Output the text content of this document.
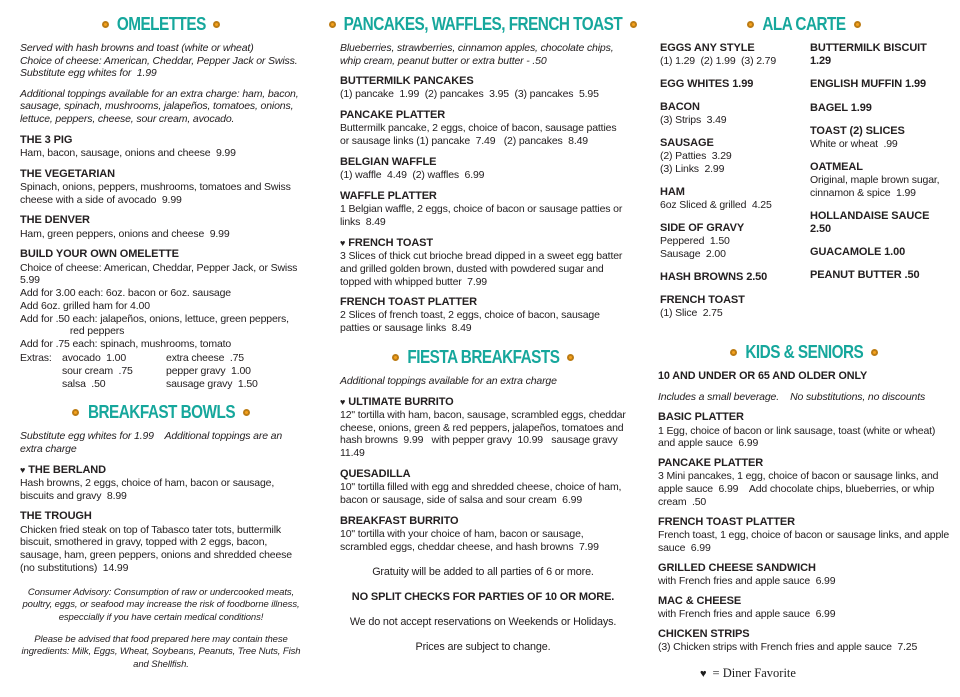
OMELETTES
Served with hash browns and toast (white or wheat)
Choice of cheese: American, Cheddar, Pepper Jack or Swiss.
Substitute egg whites for  1.99
Additional toppings available for an extra charge: ham, bacon, sausage, spinach, mushrooms, jalapeños, tomatoes, onions, lettuce, peppers, cheese, sour cream, avocado.
THE 3 PIG
Ham, bacon, sausage, onions and cheese  9.99
THE VEGETARIAN
Spinach, onions, peppers, mushrooms, tomatoes and Swiss cheese with a side of avocado  9.99
THE DENVER
Ham, green peppers, onions and cheese  9.99
BUILD YOUR OWN OMELETTE
Choice of cheese: American, Cheddar, Pepper Jack, or Swiss  5.99
Add for 3.00 each: 6oz. bacon or 6oz. sausage
Add 6oz. grilled ham for 4.00
Add for .50 each: jalapeños, onions, lettuce, green peppers,
red peppers
Add for .75 each: spinach, mushrooms, tomato
Extras: avocado  1.00
sour cream  .75
salsa  .50
extra cheese  .75
pepper gravy  1.00
sausage gravy  1.50
BREAKFAST BOWLS
Substitute egg whites for 1.99    Additional toppings are an extra charge
♥ THE BERLAND
Hash browns, 2 eggs, choice of ham, bacon or sausage, biscuits and gravy  8.99
THE TROUGH
Chicken fried steak on top of Tabasco tater tots, buttermilk biscuit, smothered in gravy, topped with 2 eggs, bacon, sausage, ham, green peppers, onions and shredded cheese (no substitutions)  14.99

Consumer Advisory: Consumption of raw or undercooked meats, poultry, eggs, or seafood may increase the risk of foodborne illness, especcially if you have certain medical conditions!

Please be advised that food prepared here may contain these ingredients: Milk, Eggs, Wheat, Soybeans, Peanuts, Tree Nuts, Fish and Shellfish.

PANCAKES, WAFFLES, FRENCH TOAST
Blueberries, strawberries, cinnamon apples, chocolate chips,
whip cream, peanut butter or extra butter - .50
BUTTERMILK PANCAKES
(1) pancake  1.99  (2) pancakes  3.95  (3) pancakes  5.95
PANCAKE PLATTER
Buttermilk pancake, 2 eggs, choice of bacon, sausage patties or sausage links (1) pancake  7.49   (2) pancakes  8.49
BELGIAN WAFFLE
(1) waffle  4.49  (2) waffles  6.99
WAFFLE PLATTER
1 Belgian waffle, 2 eggs, choice of bacon or sausage patties or links  8.49
♥ FRENCH TOAST
3 Slices of thick cut brioche bread dipped in a sweet egg batter and grilled golden brown, dusted with powdered sugar and topped with whipped butter  7.99
FRENCH TOAST PLATTER
2 Slices of french toast, 2 eggs, choice of bacon, sausage patties or sausage links  8.49
FIESTA BREAKFASTS
Additional toppings available for an extra charge
♥ ULTIMATE BURRITO
12" tortilla with ham, bacon, sausage, scrambled eggs, cheddar cheese, onions, green & red peppers, jalapeños, tomatoes and hash browns  9.99   with pepper gravy  10.99   sausage gravy 11.49
QUESADILLA
10" tortilla filled with egg and shredded cheese, choice of ham, bacon or sausage, side of salsa and sour cream  6.99
BREAKFAST BURRITO
10" tortilla with your choice of ham, bacon or sausage, scrambled eggs, cheddar cheese, and hash browns  7.99

Gratuity will be added to all parties of 6 or more.

NO SPLIT CHECKS FOR PARTIES OF 10 OR MORE.

We do not accept reservations on Weekends or Holidays.

Prices are subject to change.

ALA CARTE
EGGS ANY STYLE
(1) 1.29  (2) 1.99  (3) 2.79
EGG WHITES 1.99
BACON
(3) Strips  3.49
SAUSAGE
(2) Patties  3.29
(3) Links  2.99
HAM
6oz Sliced & grilled  4.25
SIDE OF GRAVY
Peppered  1.50
Sausage  2.00
HASH BROWNS 2.50
FRENCH TOAST
(1) Slice  2.75
BUTTERMILK BISCUIT 1.29
ENGLISH MUFFIN 1.99
BAGEL 1.99
TOAST (2) SLICES
White or wheat  .99
OATMEAL
Original, maple brown sugar,
cinnamon & spice  1.99
HOLLANDAISE SAUCE 2.50
GUACAMOLE 1.00
PEANUT BUTTER .50
KIDS & SENIORS
10 AND UNDER OR 65 AND OLDER ONLY
Includes a small beverage.    No substitutions, no discounts
BASIC PLATTER
1 Egg, choice of bacon or link sausage, toast (white or wheat) and apple sauce  6.99
PANCAKE PLATTER
3 Mini pancakes, 1 egg, choice of bacon or sausage links, and apple sauce  6.99    Add chocolate chips, blueberries, or whip cream  .50
FRENCH TOAST PLATTER
French toast, 1 egg, choice of bacon or sausage links, and apple sauce  6.99
GRILLED CHEESE SANDWICH
with French fries and apple sauce  6.99
MAC & CHEESE
with French fries and apple sauce  6.99
CHICKEN STRIPS
(3) Chicken strips with French fries and apple sauce  7.25
♥ = Diner Favorite
